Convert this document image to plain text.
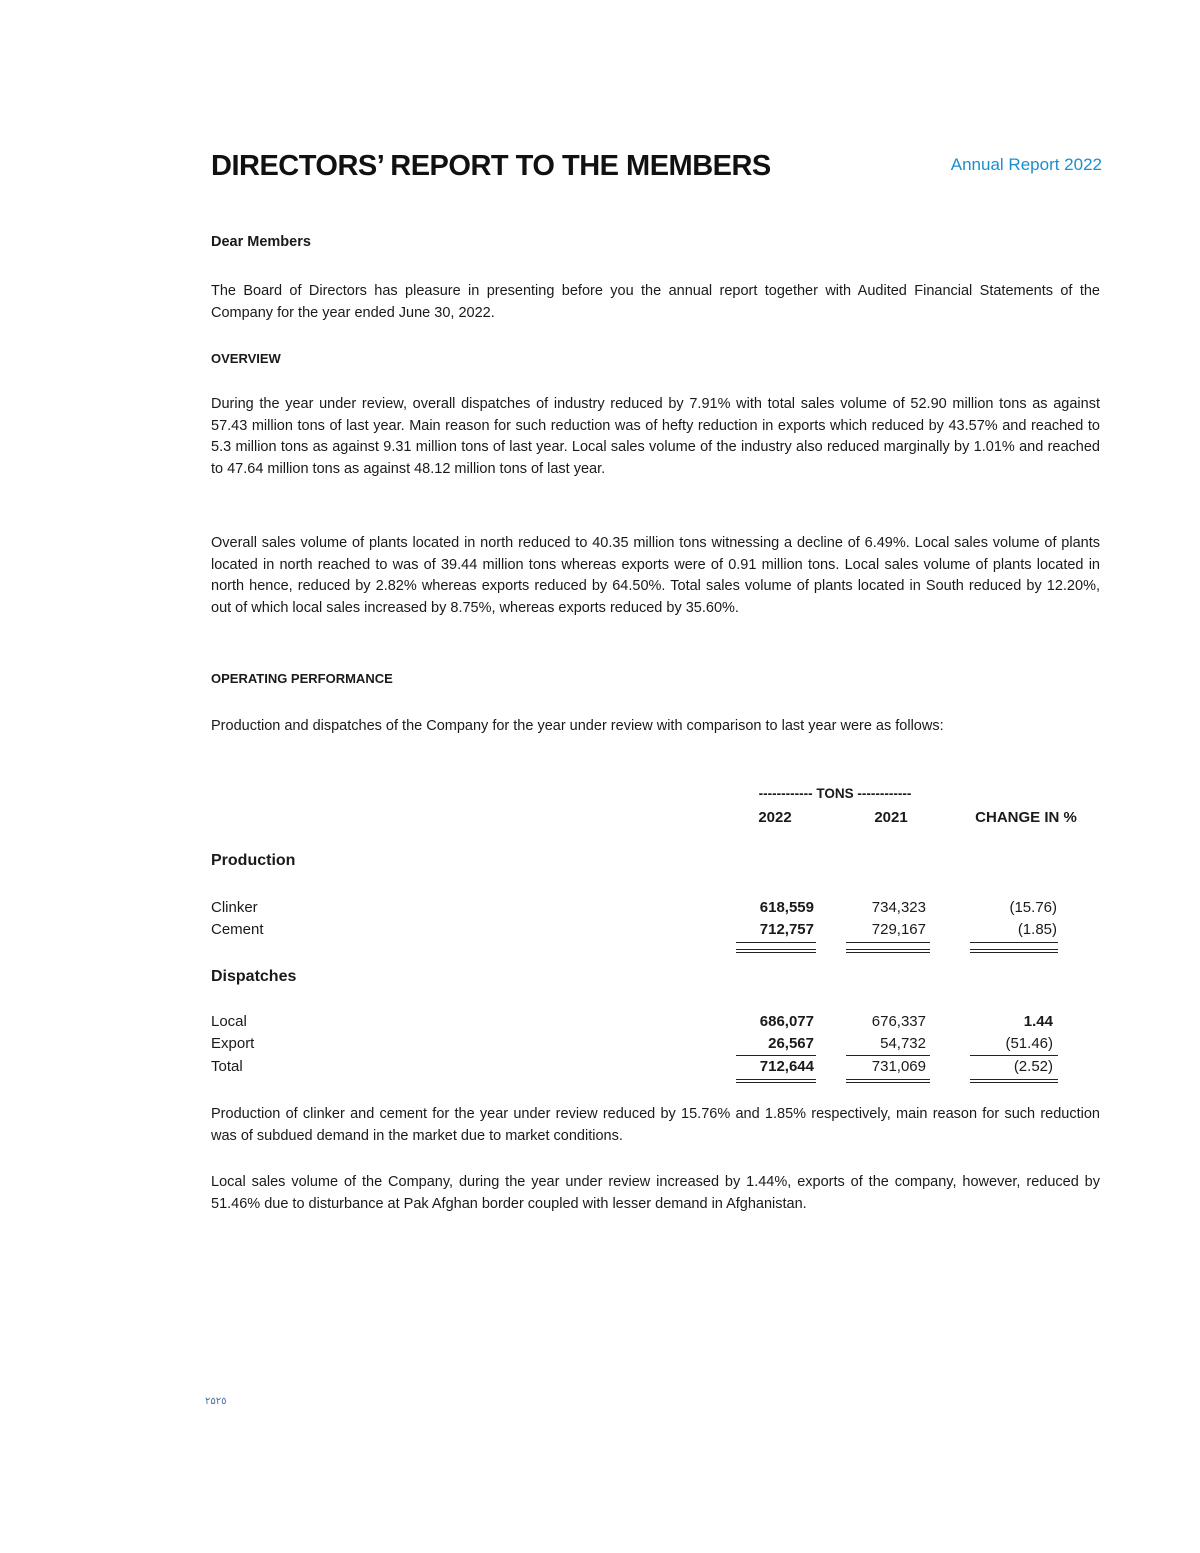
DIRECTORS’ REPORT TO THE MEMBERS	Annual Report 2022

Dear Members

The Board of Directors has pleasure in presenting before you the annual report together with Audited Financial Statements of the Company for the year ended June 30, 2022.

OVERVIEW

During the year under review, overall dispatches of industry reduced by 7.91% with total sales volume of 52.90 million tons as against 57.43 million tons of last year. Main reason for such reduction was of hefty reduction in exports which reduced by 43.57% and reached to 5.3 million tons as against 9.31 million tons of last year. Local sales volume of the industry also reduced marginally by 1.01% and reached to 47.64 million tons as against 48.12 million tons of last year.

Overall sales volume of plants located in north reduced to 40.35 million tons witnessing a decline of 6.49%. Local sales volume of plants located in north reached to was of 39.44 million tons whereas exports were of 0.91 million tons. Local sales volume of plants located in north hence, reduced by 2.82% whereas exports reduced by 64.50%. Total sales volume of plants located in South reduced by 12.20%, out of which local sales increased by 8.75%, whereas exports reduced by 35.60%.

OPERATING PERFORMANCE

Production and dispatches of the Company for the year under review with comparison to last year were as follows:

------------ TONS ------------
2022	2021	CHANGE IN %
Production
Clinker	618,559	734,323	(15.76)
Cement	712,757	729,167	(1.85)
Dispatches
Local	686,077	676,337	1.44
Export	26,567	54,732	(51.46)
Total	712,644	731,069	(2.52)

Production of clinker and cement for the year under review reduced by 15.76% and 1.85% respectively, main reason for such reduction was of subdued demand in the market due to market conditions.

Local sales volume of the Company, during the year under review increased by 1.44%, exports of the company, however, reduced by 51.46% due to disturbance at Pak Afghan border coupled with lesser demand in Afghanistan.

۲۵۲٥
